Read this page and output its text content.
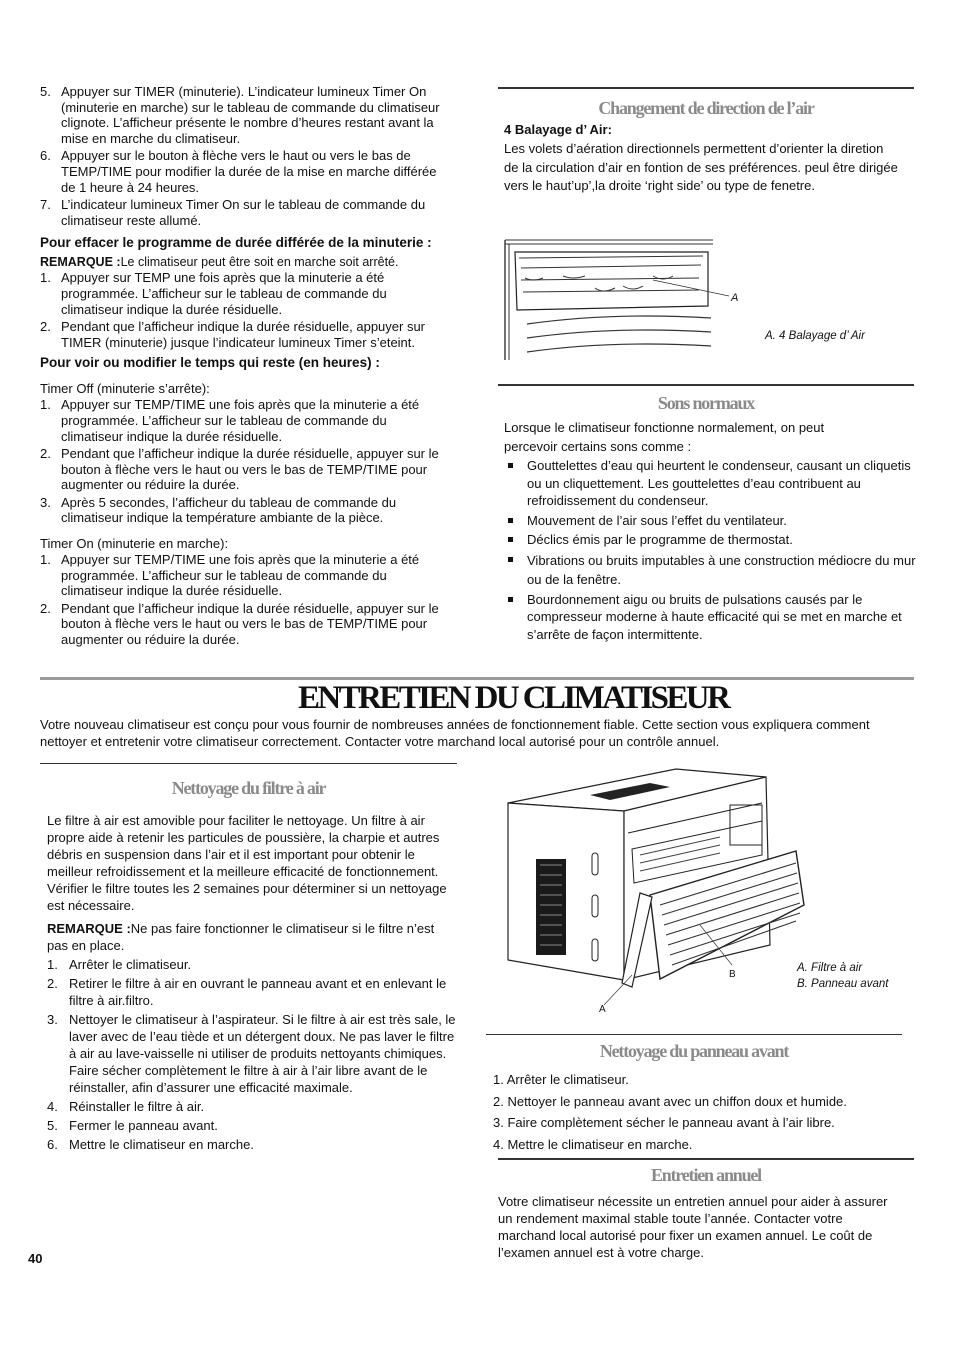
5. Appuyer sur TIMER (minuterie). L’indicateur lumineux Timer On (minuterie en marche) sur le tableau de commande du climatiseur clignote. L’afficheur présente le nombre d’heures restant avant la mise en marche du climatiseur.
6. Appuyer sur le bouton à flèche vers le haut ou vers le bas de TEMP/TIME pour modifier la durée de la mise en marche différée de 1 heure à 24 heures.
7. L’indicateur lumineux Timer On sur le tableau de commande du climatiseur reste allumé.
Pour effacer le programme de durée différée de la minuterie :
REMARQUE :Le climatiseur peut être soit en marche soit arrêté.
1. Appuyer sur TEMP une fois après que la minuterie a été programmée. L’afficheur sur le tableau de commande du climatiseur indique la durée résiduelle.
2. Pendant que l’afficheur indique la durée résiduelle, appuyer sur TIMER (minuterie) jusque l’indicateur lumineux Timer s’eteint.
Pour voir ou modifier le temps qui reste (en heures) :
Timer Off (minuterie s’arrête):
1. Appuyer sur TEMP/TIME une fois après que la minuterie a été programmée. L’afficheur sur le tableau de commande du climatiseur indique la durée résiduelle.
2. Pendant que l’afficheur indique la durée résiduelle, appuyer sur le bouton à flèche vers le haut ou vers le bas de TEMP/TIME pour augmenter ou réduire la durée.
3. Après 5 secondes, l’afficheur du tableau de commande du climatiseur indique la température ambiante de la pièce.
Timer On (minuterie en marche):
1. Appuyer sur TEMP/TIME une fois après que la minuterie a été programmée. L’afficheur sur le tableau de commande du climatiseur indique la durée résiduelle.
2. Pendant que l’afficheur indique la durée résiduelle, appuyer sur le bouton à flèche vers le haut ou vers le bas de TEMP/TIME pour augmenter ou réduire la durée.
Changement de direction de l’air
4 Balayage d’ Air:
Les volets d’aération directionnels permettent d’orienter la diretion de la circulation d’air en fontion de ses préférences. peul être dirigée vers le haut’up’,la droite ‘right side’ ou type de fenetre.
A
A. 4 Balayage d’ Air
Sons normaux
Lorsque le climatiseur fonctionne normalement, on peut percevoir certains sons comme :
Gouttelettes d’eau qui heurtent le condenseur, causant un cliquetis ou un cliquettement. Les gouttelettes d’eau contribuent au refroidissement du condenseur.
Mouvement de l’air sous l’effet du ventilateur.
Déclics émis par le programme de thermostat.
Vibrations ou bruits imputables à une construction médiocre du mur ou de la fenêtre.
Bourdonnement aigu ou bruits de pulsations causés par le compresseur moderne à haute efficacité qui se met en marche et s’arrête de façon intermittente.
ENTRETIEN DU CLIMATISEUR
Votre nouveau climatiseur est conçu pour vous fournir de nombreuses années de fonctionnement fiable. Cette section vous expliquera comment nettoyer et entretenir votre climatiseur correctement. Contacter votre marchand local autorisé pour un contrôle annuel.
Nettoyage du filtre à air
Le filtre à air est amovible pour faciliter le nettoyage. Un filtre à air propre aide à retenir les particules de poussière, la charpie et autres débris en suspension dans l’air et il est important pour obtenir le meilleur refroidissement et la meilleure efficacité de fonctionnement. Vérifier le filtre toutes les 2 semaines pour déterminer si un nettoyage est nécessaire.
REMARQUE :Ne pas faire fonctionner le climatiseur si le filtre n’est pas en place.
1. Arrêter le climatiseur.
2. Retirer le filtre à air en ouvrant le panneau avant et en enlevant le filtre à air.filtro.
3. Nettoyer le climatiseur à l’aspirateur. Si le filtre à air est très sale, le laver avec de l’eau tiède et un détergent doux. Ne pas laver le filtre à air au lave-vaisselle ni utiliser de produits nettoyants chimiques. Faire sécher complètement le filtre à air à l’air libre avant de le réinstaller, afin d’assurer une efficacité maximale.
4. Réinstaller le filtre à air.
5. Fermer le panneau avant.
6. Mettre le climatiseur en marche.
A
B
A. Filtre à air
B. Panneau avant
Nettoyage du panneau avant
1. Arrêter le climatiseur.
2. Nettoyer le panneau avant avec un chiffon doux et humide.
3. Faire complètement sécher le panneau avant à l’air libre.
4. Mettre le climatiseur en marche.
Entretien annuel
Votre climatiseur nécessite un entretien annuel pour aider à assurer un rendement maximal stable toute l’année. Contacter votre marchand local autorisé pour fixer un examen annuel. Le coût de l’examen annuel est à votre charge.
40
